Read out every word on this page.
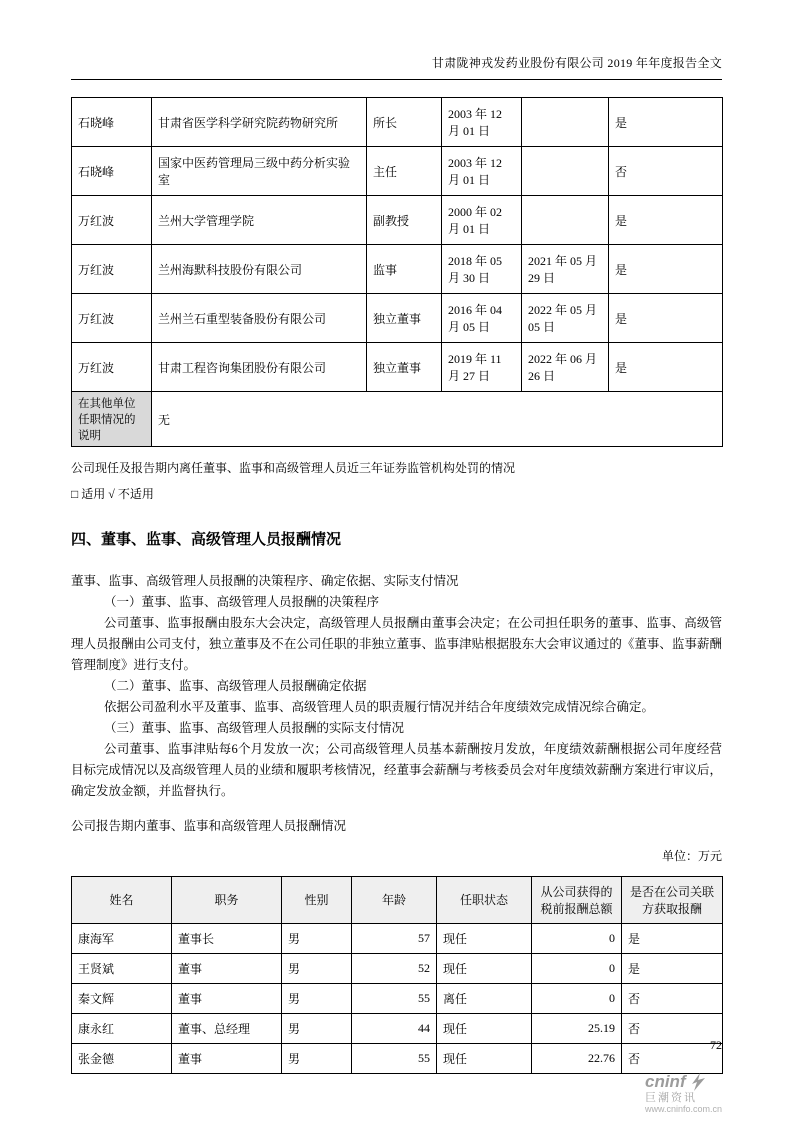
甘肃陇神戎发药业股份有限公司 2019 年年度报告全文
石晓峰	甘肃省医学科学研究院药物研究所	所长	2003 年 12 月 01 日		是
石晓峰	国家中医药管理局三级中药分析实验室	主任	2003 年 12 月 01 日		否
万红波	兰州大学管理学院	副教授	2000 年 02 月 01 日		是
万红波	兰州海默科技股份有限公司	监事	2018 年 05 月 30 日	2021 年 05 月 29 日	是
万红波	兰州兰石重型装备股份有限公司	独立董事	2016 年 04 月 05 日	2022 年 05 月 05 日	是
万红波	甘肃工程咨询集团股份有限公司	独立董事	2019 年 11 月 27 日	2022 年 06 月 26 日	是
在其他单位任职情况的说明	无				

公司现任及报告期内离任董事、监事和高级管理人员近三年证券监管机构处罚的情况

□ 适用 √ 不适用

四、董事、监事、高级管理人员报酬情况

董事、监事、高级管理人员报酬的决策程序、确定依据、实际支付情况

（一）董事、监事、高级管理人员报酬的决策程序

公司董事、监事报酬由股东大会决定，高级管理人员报酬由董事会决定；在公司担任职务的董事、监事、高级管理人员报酬由公司支付，独立董事及不在公司任职的非独立董事、监事津贴根据股东大会审议通过的《董事、监事薪酬管理制度》进行支付。

（二）董事、监事、高级管理人员报酬确定依据

依据公司盈利水平及董事、监事、高级管理人员的职责履行情况并结合年度绩效完成情况综合确定。

（三）董事、监事、高级管理人员报酬的实际支付情况

公司董事、监事津贴每6个月发放一次；公司高级管理人员基本薪酬按月发放，年度绩效薪酬根据公司年度经营目标完成情况以及高级管理人员的业绩和履职考核情况，经董事会薪酬与考核委员会对年度绩效薪酬方案进行审议后，确定发放金额，并监督执行。

公司报告期内董事、监事和高级管理人员报酬情况

单位：万元

姓名	职务	性别	年龄	任职状态	从公司获得的税前报酬总额	是否在公司关联方获取报酬
康海军	董事长	男	57	现任	0	是
王贤斌	董事	男	52	现任	0	是
秦文辉	董事	男	55	离任	0	否
康永红	董事、总经理	男	44	现任	25.19	否
张金德	董事	男	55	现任	22.76	否
72
cninf
巨潮资讯
www.cninfo.com.cn
